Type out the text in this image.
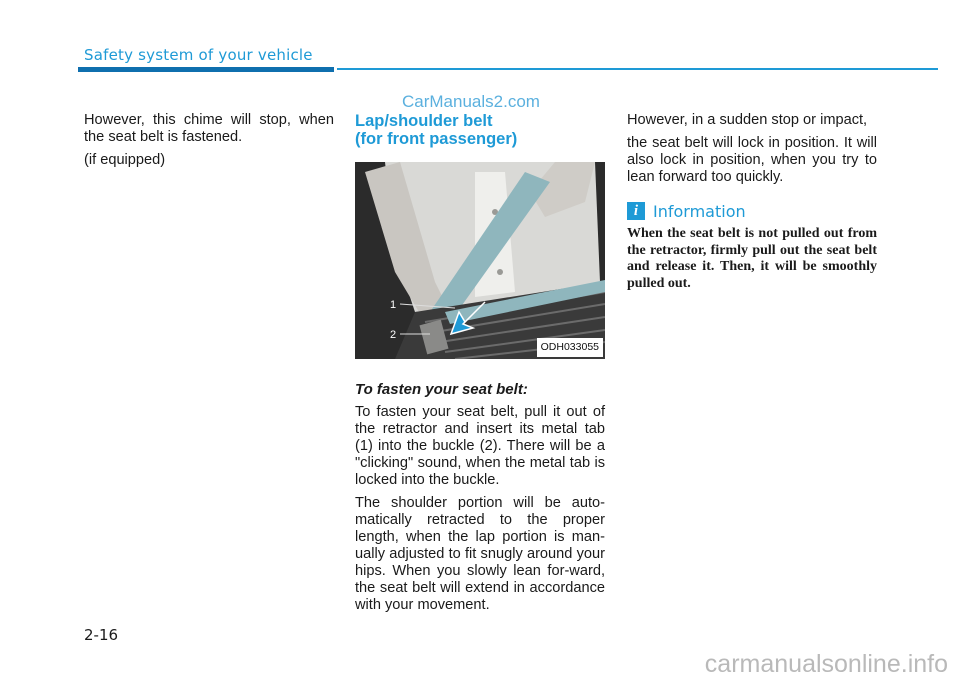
Safety system of your vehicle
CarManuals2.com

However, this chime will stop, when the seat belt is fastened.

(if equipped)

Lap/shoulder belt
(for front passenger)
1
2
ODH033055
To fasten your seat belt:

To fasten your seat belt, pull it out of the retractor and insert its metal tab (1) into the buckle (2). There will be a "clicking" sound, when the metal tab is locked into the buckle.

The shoulder portion will be auto-matically retracted to the proper length, when the lap portion is man-ually adjusted to fit snugly around your hips. When you slowly lean for-ward, the seat belt will extend in accordance with your movement.

However, in a sudden stop or impact,

the seat belt will lock in position. It will also lock in position, when you try to lean forward too quickly.

i Information

When the seat belt is not pulled out from the retractor, firmly pull out the seat belt and release it. Then, it will be smoothly pulled out.

2-16
carmanualsonline.info
